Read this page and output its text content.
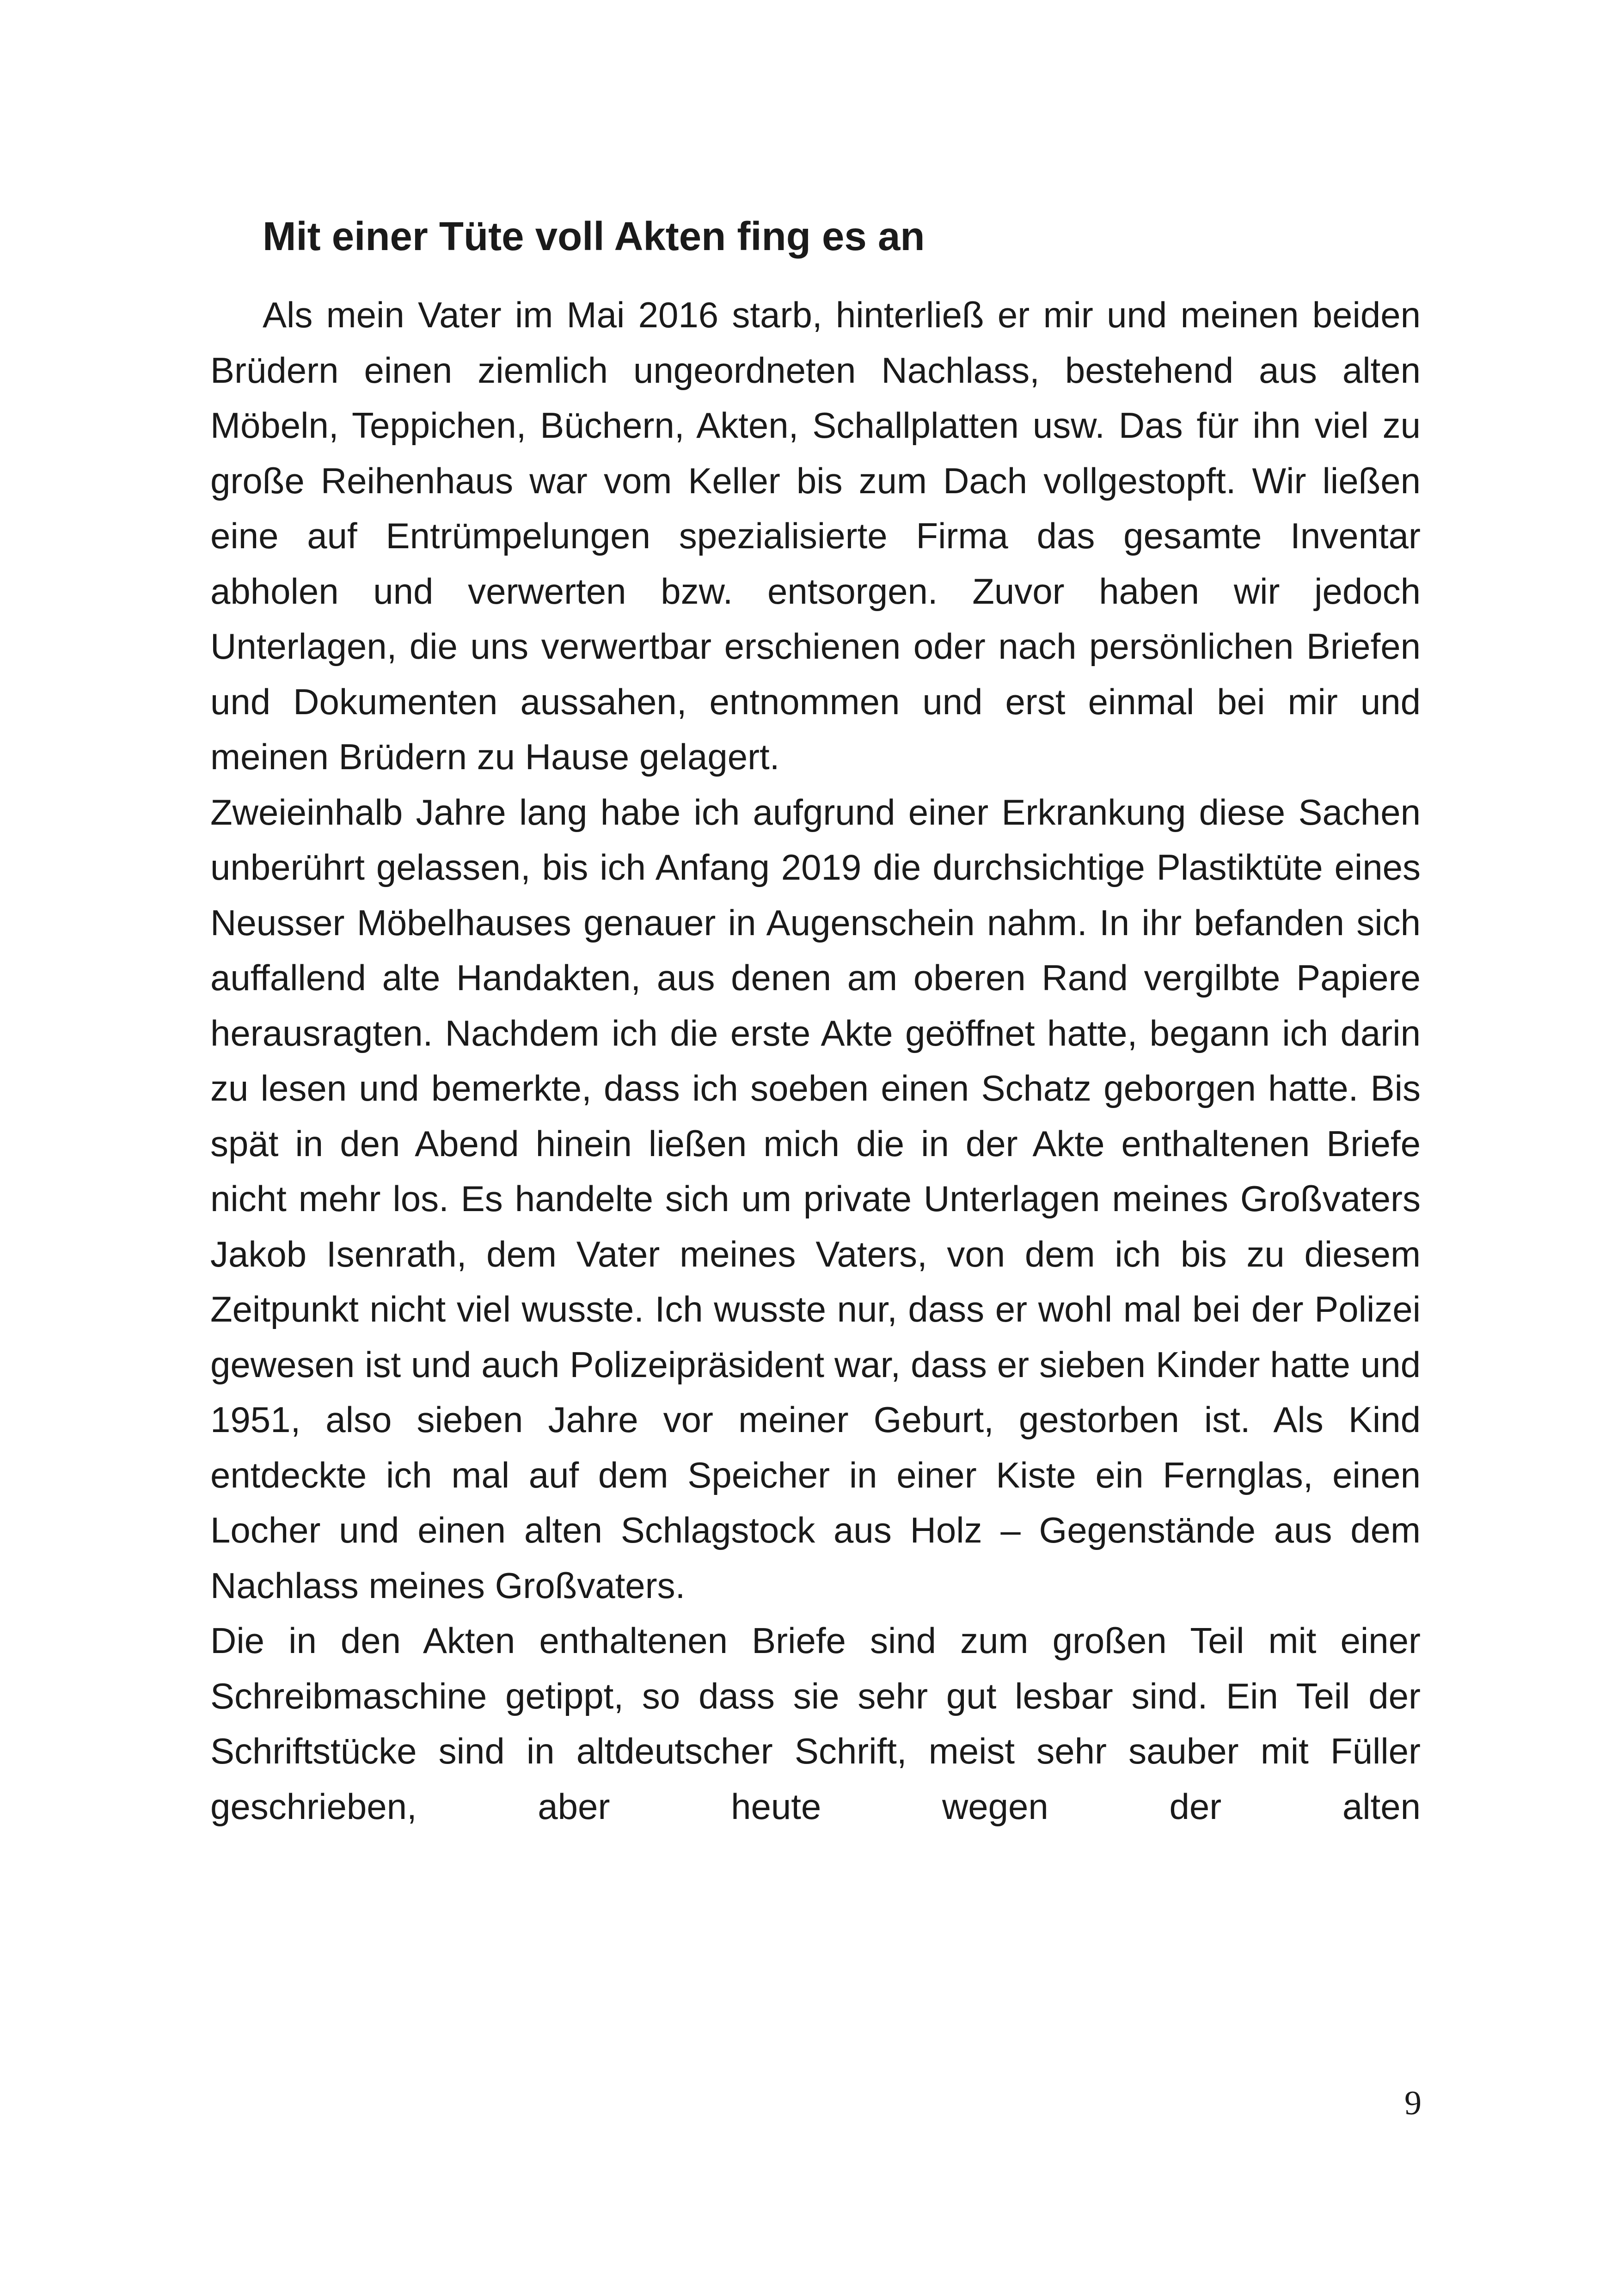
Mit einer Tüte voll Akten fing es an

Als mein Vater im Mai 2016 starb, hinterließ er mir und meinen beiden Brüdern einen ziemlich ungeordneten Nachlass, bestehend aus alten Möbeln, Teppichen, Büchern, Akten, Schallplatten usw. Das für ihn viel zu große Reihenhaus war vom Keller bis zum Dach vollgestopft. Wir ließen eine auf Entrümpelungen spezialisierte Firma das gesamte Inventar abholen und verwerten bzw. entsorgen. Zuvor haben wir jedoch Unterlagen, die uns verwertbar erschienen oder nach persönlichen Briefen und Dokumenten aussahen, entnommen und erst einmal bei mir und meinen Brüdern zu Hause gelagert.

Zweieinhalb Jahre lang habe ich aufgrund einer Erkrankung diese Sachen unberührt gelassen, bis ich Anfang 2019 die durchsichtige Plastiktüte eines Neusser Möbelhauses genauer in Augenschein nahm. In ihr befanden sich auffallend alte Handakten, aus denen am oberen Rand vergilbte Papiere herausragten. Nachdem ich die erste Akte geöffnet hatte, begann ich darin zu lesen und bemerkte, dass ich soeben einen Schatz geborgen hatte. Bis spät in den Abend hinein ließen mich die in der Akte enthaltenen Briefe nicht mehr los. Es handelte sich um private Unterlagen meines Großvaters Jakob Isenrath, dem Vater meines Vaters, von dem ich bis zu diesem Zeitpunkt nicht viel wusste. Ich wusste nur, dass er wohl mal bei der Polizei gewesen ist und auch Polizeipräsident war, dass er sieben Kinder hatte und 1951, also sieben Jahre vor meiner Geburt, gestorben ist. Als Kind entdeckte ich mal auf dem Speicher in einer Kiste ein Fernglas, einen Locher und einen alten Schlagstock aus Holz – Gegenstände aus dem Nachlass meines Großvaters.

Die in den Akten enthaltenen Briefe sind zum großen Teil mit einer Schreibmaschine getippt, so dass sie sehr gut lesbar sind. Ein Teil der Schriftstücke sind in altdeutscher Schrift, meist sehr sauber mit Füller geschrieben, aber heute wegen der alten

9
